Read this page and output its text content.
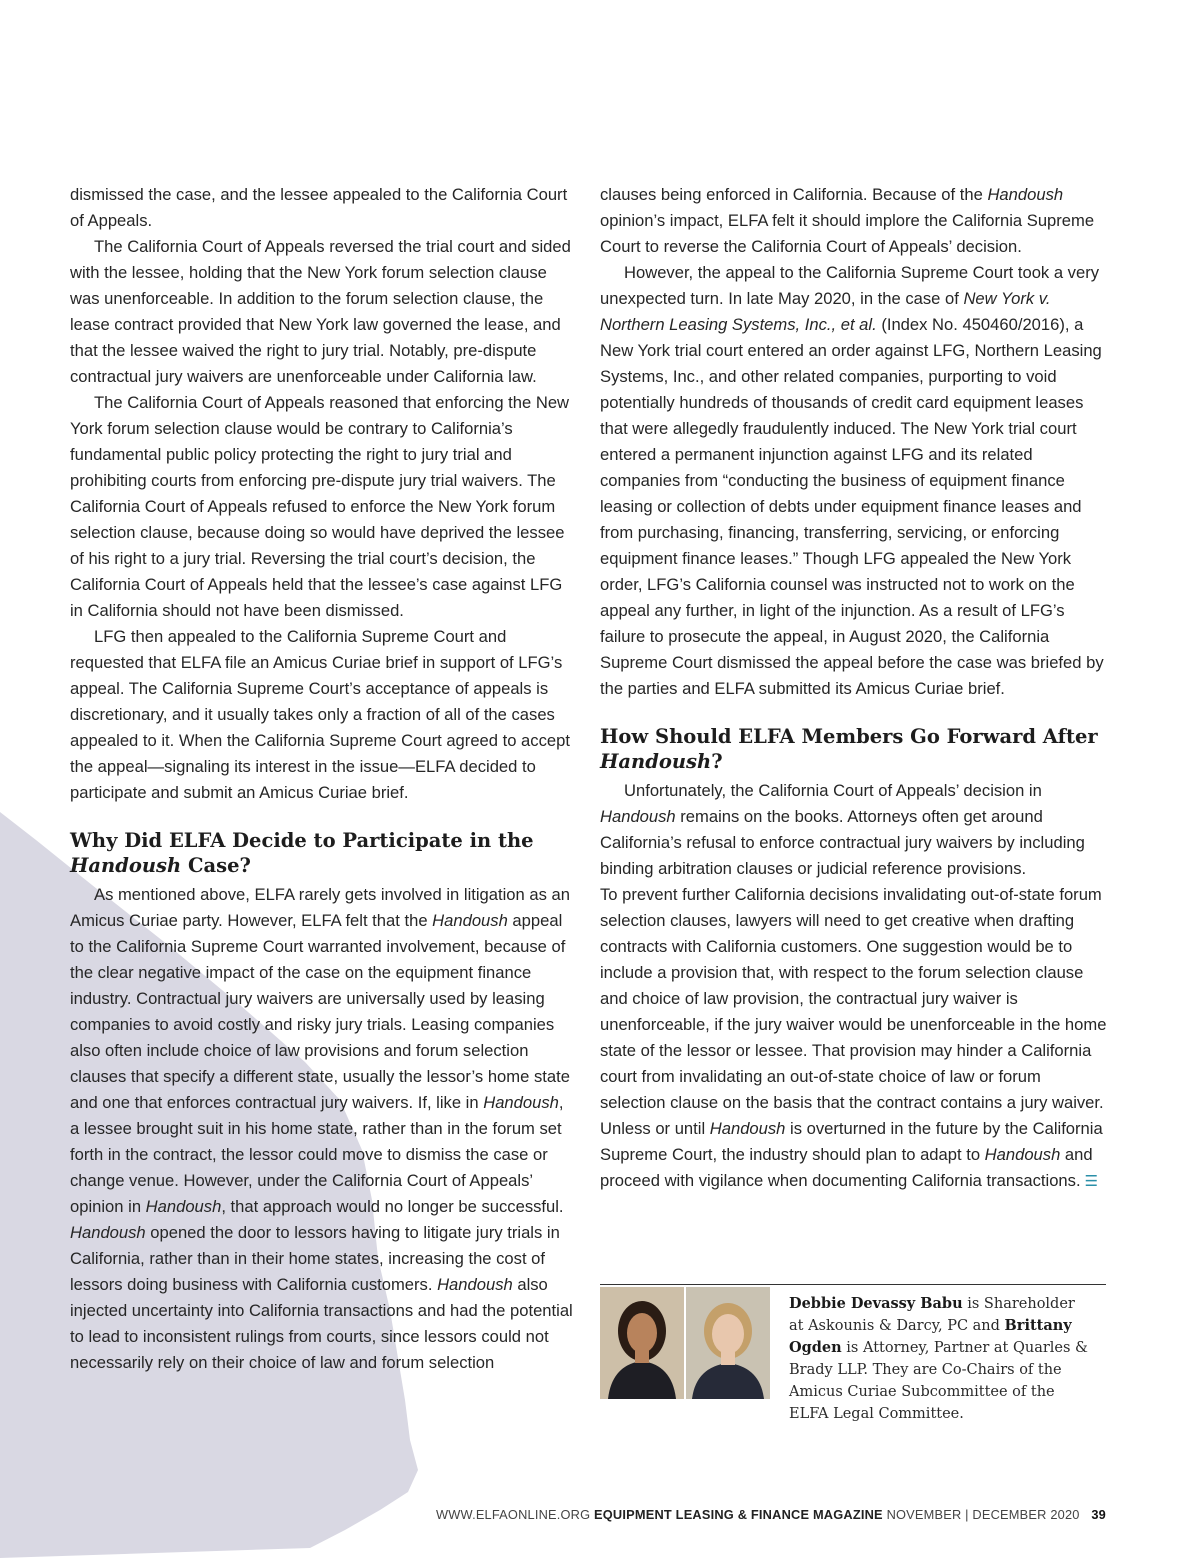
dismissed the case, and the lessee appealed to the California Court of Appeals.

The California Court of Appeals reversed the trial court and sided with the lessee, holding that the New York forum selection clause was unenforceable. In addition to the forum selection clause, the lease contract provided that New York law governed the lease, and that the lessee waived the right to jury trial. Notably, pre-dispute contractual jury waivers are unenforceable under California law.

The California Court of Appeals reasoned that enforcing the New York forum selection clause would be contrary to California’s fundamental public policy protecting the right to jury trial and prohibiting courts from enforcing pre-dispute jury trial waivers. The California Court of Appeals refused to enforce the New York forum selection clause, because doing so would have deprived the lessee of his right to a jury trial. Reversing the trial court’s decision, the California Court of Appeals held that the lessee’s case against LFG in California should not have been dismissed.

LFG then appealed to the California Supreme Court and requested that ELFA file an Amicus Curiae brief in support of LFG’s appeal. The California Supreme Court’s acceptance of appeals is discretionary, and it usually takes only a fraction of all of the cases appealed to it. When the California Supreme Court agreed to accept the appeal—signaling its interest in the issue—ELFA decided to participate and submit an Amicus Curiae brief.

Why Did ELFA Decide to Participate in the
Handoush Case?

As mentioned above, ELFA rarely gets involved in litigation as an Amicus Curiae party. However, ELFA felt that the Handoush appeal to the California Supreme Court warranted involvement, because of the clear negative impact of the case on the equipment finance industry. Contractual jury waivers are universally used by leasing companies to avoid costly and risky jury trials. Leasing companies also often include choice of law provisions and forum selection clauses that specify a different state, usually the lessor’s home state and one that enforces contractual jury waivers. If, like in Handoush, a lessee brought suit in his home state, rather than in the forum set forth in the contract, the lessor could move to dismiss the case or change venue. However, under the California Court of Appeals’ opinion in Handoush, that approach would no longer be successful. Handoush opened the door to lessors having to litigate jury trials in California, rather than in their home states, increasing the cost of lessors doing business with California customers. Handoush also injected uncertainty into California transactions and had the potential to lead to inconsistent rulings from courts, since lessors could not necessarily rely on their choice of law and forum selection

clauses being enforced in California. Because of the Handoush opinion’s impact, ELFA felt it should implore the California Supreme Court to reverse the California Court of Appeals’ decision.

However, the appeal to the California Supreme Court took a very unexpected turn. In late May 2020, in the case of New York v. Northern Leasing Systems, Inc., et al. (Index No. 450460/2016), a New York trial court entered an order against LFG, Northern Leasing Systems, Inc., and other related companies, purporting to void potentially hundreds of thousands of credit card equipment leases that were allegedly fraudulently induced. The New York trial court entered a permanent injunction against LFG and its related companies from “conducting the business of equipment finance leasing or collection of debts under equipment finance leases and from purchasing, financing, transferring, servicing, or enforcing equipment finance leases.” Though LFG appealed the New York order, LFG’s California counsel was instructed not to work on the appeal any further, in light of the injunction. As a result of LFG’s failure to prosecute the appeal, in August 2020, the California Supreme Court dismissed the appeal before the case was briefed by the parties and ELFA submitted its Amicus Curiae brief.

How Should ELFA Members Go Forward After
Handoush?

Unfortunately, the California Court of Appeals’ decision in Handoush remains on the books. Attorneys often get around California’s refusal to enforce contractual jury waivers by including binding arbitration clauses or judicial reference provisions.

To prevent further California decisions invalidating out-of-state forum selection clauses, lawyers will need to get creative when drafting contracts with California customers. One suggestion would be to include a provision that, with respect to the forum selection clause and choice of law provision, the contractual jury waiver is unenforceable, if the jury waiver would be unenforceable in the home state of the lessor or lessee. That provision may hinder a California court from invalidating an out-of-state choice of law or forum selection clause on the basis that the contract contains a jury waiver. Unless or until Handoush is overturned in the future by the California Supreme Court, the industry should plan to adapt to Handoush and proceed with vigilance when documenting California transactions. ☰

Debbie Devassy Babu is Shareholder at Askounis & Darcy, PC and Brittany Ogden is Attorney, Partner at Quarles & Brady LLP. They are Co-Chairs of the Amicus Curiae Subcommittee of the ELFA Legal Committee.
WWW.ELFAONLINE.ORG EQUIPMENT LEASING & FINANCE MAGAZINE NOVEMBER | DECEMBER 2020 39
